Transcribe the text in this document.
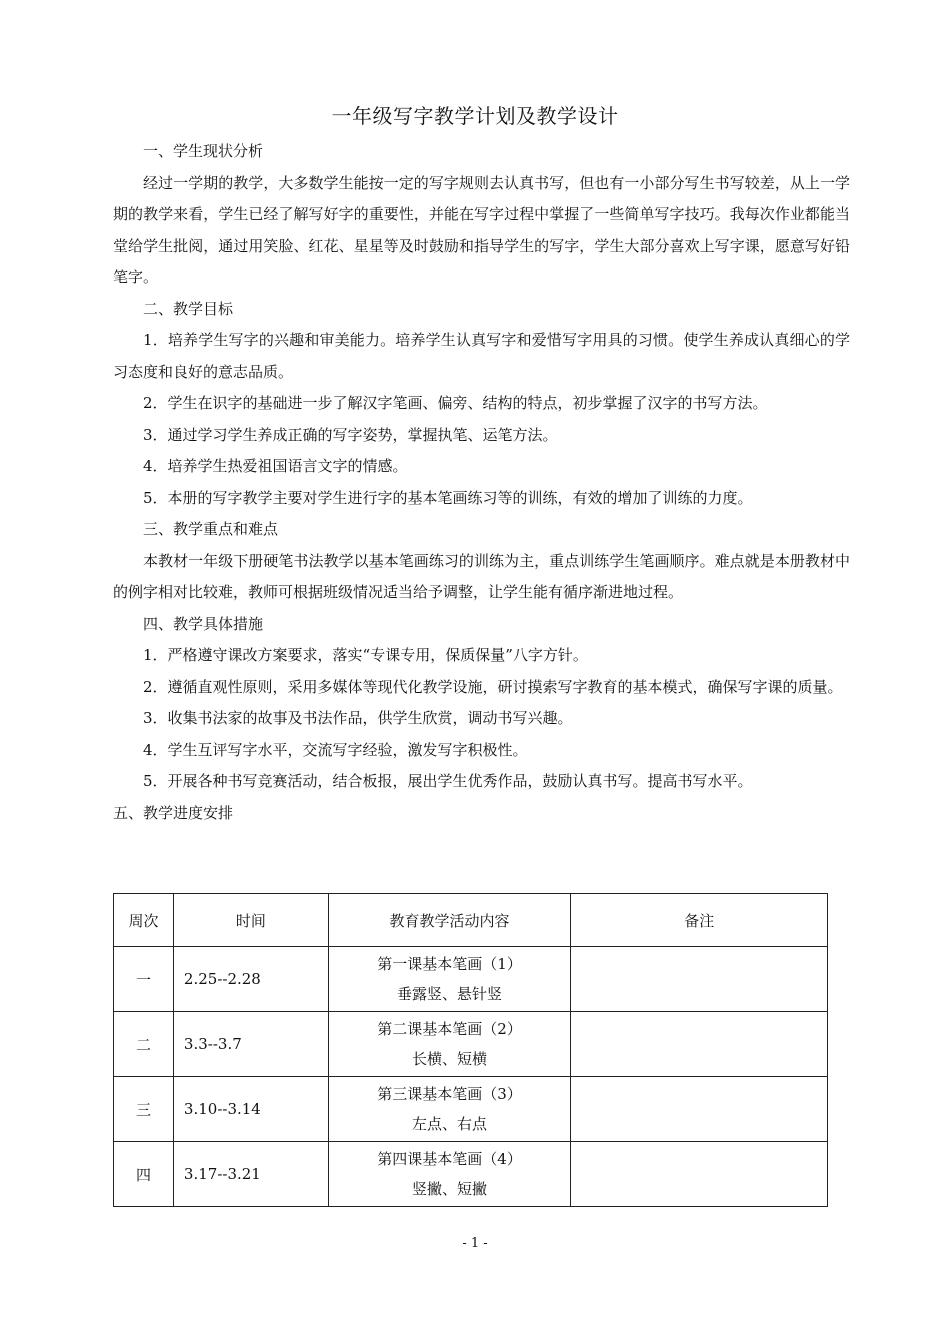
一年级写字教学计划及教学设计

一、学生现状分析

经过一学期的教学，大多数学生能按一定的写字规则去认真书写，但也有一小部分写生书写较差，从上一学期的教学来看，学生已经了解写好字的重要性，并能在写字过程中掌握了一些简单写字技巧。我每次作业都能当堂给学生批阅，通过用笑脸、红花、星星等及时鼓励和指导学生的写字，学生大部分喜欢上写字课，愿意写好铅笔字。

二、教学目标

1．培养学生写字的兴趣和审美能力。培养学生认真写字和爱惜写字用具的习惯。使学生养成认真细心的学习态度和良好的意志品质。

2．学生在识字的基础进一步了解汉字笔画、偏旁、结构的特点，初步掌握了汉字的书写方法。

3．通过学习学生养成正确的写字姿势，掌握执笔、运笔方法。

4．培养学生热爱祖国语言文字的情感。

5．本册的写字教学主要对学生进行字的基本笔画练习等的训练，有效的增加了训练的力度。

三、教学重点和难点

本教材一年级下册硬笔书法教学以基本笔画练习的训练为主，重点训练学生笔画顺序。难点就是本册教材中的例字相对比较难，教师可根据班级情况适当给予调整，让学生能有循序渐进地过程。

四、教学具体措施

1．严格遵守课改方案要求，落实“专课专用，保质保量”八字方针。

2．遵循直观性原则，采用多媒体等现代化教学设施，研讨摸索写字教育的基本模式，确保写字课的质量。

3．收集书法家的故事及书法作品，供学生欣赏，调动书写兴趣。

4．学生互评写字水平，交流写字经验，激发写字积极性。

5．开展各种书写竞赛活动，结合板报，展出学生优秀作品，鼓励认真书写。提高书写水平。

五、教学进度安排

周次	时间	教育教学活动内容	备注
一	2.25--2.28	第一课基本笔画（1）
垂露竖、悬针竖	

二	3.3--3.7	第二课基本笔画（2）
长横、短横	

三	3.10--3.14	第三课基本笔画（3）
左点、右点	

四	3.17--3.21	第四课基本笔画（4）
竖撇、短撇	

- 1 -
